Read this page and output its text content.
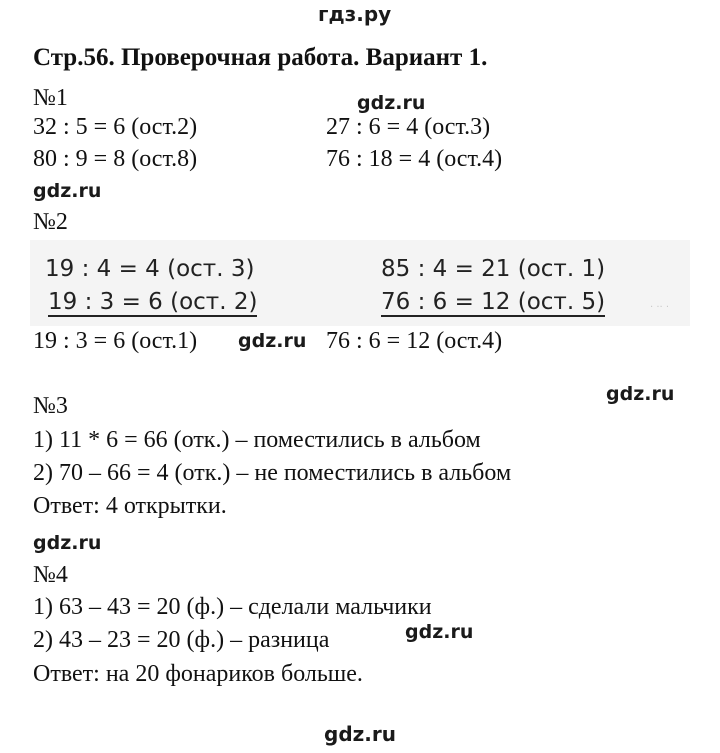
гдз.ру
Стр.56. Проверочная работа. Вариант 1.
№1	gdz.ru
32 : 5 = 6 (ост.2)	27 : 6 = 4 (ост.3)
80 : 9 = 8 (ост.8)	76 : 18 = 4 (ост.4)
gdz.ru
№2
19 : 4 = 4 (ост. 3)	85 : 4 = 21 (ост. 1)
19 : 3 = 6 (ост. 2)	76 : 6 = 12 (ост. 5)	· ·· ·
19 : 3 = 6 (ост.1) gdz.ru 76 : 6 = 12 (ост.4)
gdz.ru
№3
1) 11 * 6 = 66 (отк.) – поместились в альбом
2) 70 – 66 = 4 (отк.) – не поместились в альбом
Ответ: 4 открытки.
gdz.ru
№4
1) 63 – 43 = 20 (ф.) – сделали мальчики
2) 43 – 23 = 20 (ф.) – разница	gdz.ru
Ответ: на 20 фонариков больше.
gdz.ru
